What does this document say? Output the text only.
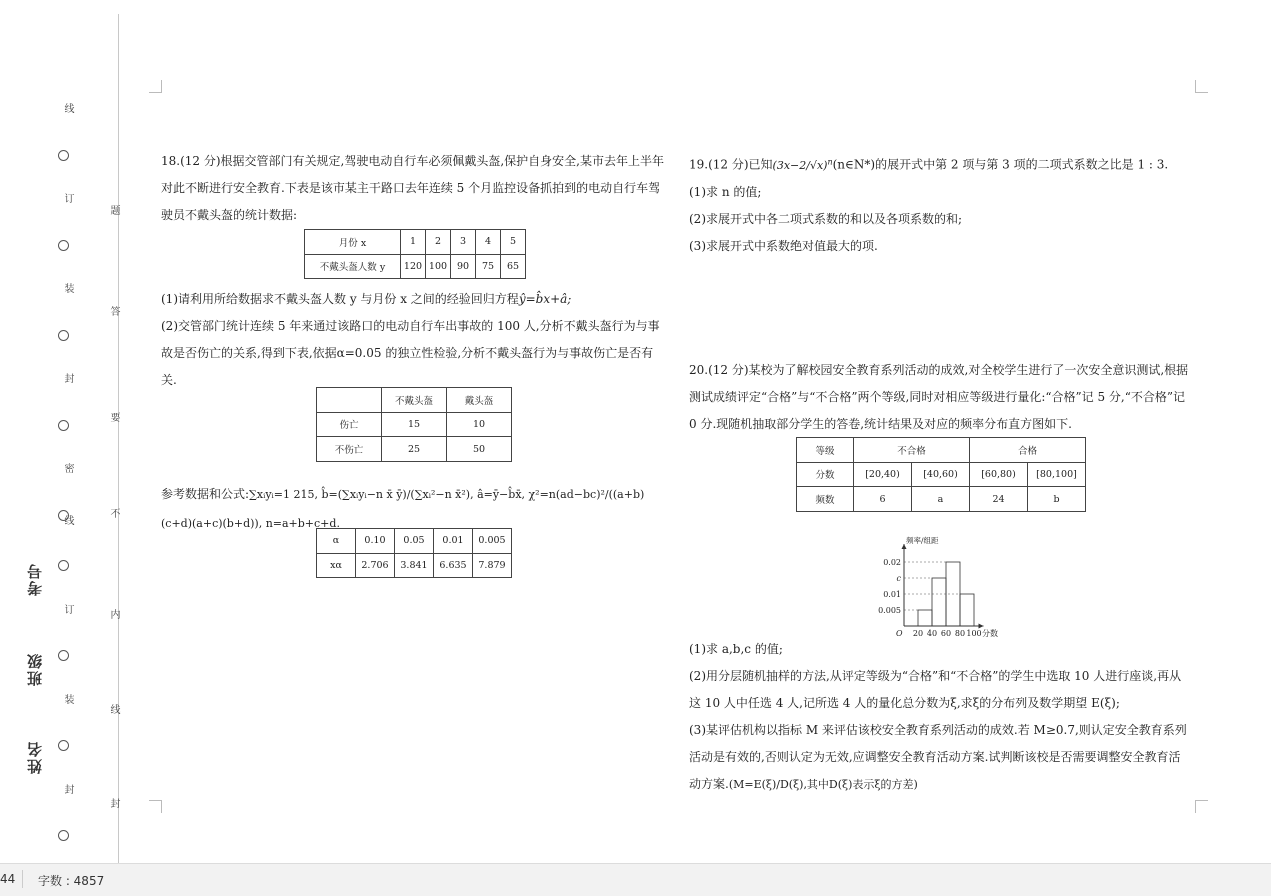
线
订
装
封
密
线
订
装
封
题
答
要
不
内
线
封
考号
班级
姓名

18.(12 分)根据交管部门有关规定,驾驶电动自行车必须佩戴头盔,保护自身安全,某市去年上半年对此不断进行安全教育.下表是该市某主干路口去年连续 5 个月监控设备抓拍到的电动自行车驾驶员不戴头盔的统计数据:

月份 x	1	2	3	4	5
不戴头盔人数 y	120	100	90	75	65

(1)请利用所给数据求不戴头盔人数 y 与月份 x 之间的经验回归方程ŷ=b̂x+â;

(2)交管部门统计连续 5 年来通过该路口的电动自行车出事故的 100 人,分析不戴头盔行为与事故是否伤亡的关系,得到下表,依据α=0.05 的独立性检验,分析不戴头盔行为与事故伤亡是否有关.

	不戴头盔	戴头盔
伤亡	15	10
不伤亡	25	50
参考数据和公式:∑xᵢyᵢ=1 215, b̂=(∑xᵢyᵢ−n x̄ ȳ)/(∑xᵢ²−n x̄²), â=ȳ−b̂x̄, χ²=n(ad−bc)²/((a+b)(c+d)(a+c)(b+d)), n=a+b+c+d.
α	0.10	0.05	0.01	0.005
xα	2.706	3.841	6.635	7.879

19.(12 分)已知$(3x-2/√x)^n(n\in N*)$的展开式中第 2 项与第 3 项的二项式系数之比是 1 : 3.

(1)求 n 的值;

(2)求展开式中各二项式系数的和以及各项系数的和;

(3)求展开式中系数绝对值最大的项.

20.(12 分)某校为了解校园安全教育系列活动的成效,对全校学生进行了一次安全意识测试,根据测试成绩评定“合格”与“不合格”两个等级,同时对相应等级进行量化:“合格”记 5 分,“不合格”记 0 分.现随机抽取部分学生的答卷,统计结果及对应的频率分布直方图如下.

等级	不合格		合格	
分数	[20,40)	[40,60)	[60,80)	[80,100]
频数	6	a	24	b
0.005
c
0.01
0.02
20 40 60 80 100
O	分数
频率/组距

(1)求 a,b,c 的值;

(2)用分层随机抽样的方法,从评定等级为“合格”和“不合格”的学生中选取 10 人进行座谈,再从这 10 人中任选 4 人,记所选 4 人的量化总分数为ξ,求ξ的分布列及数学期望 E(ξ);

(3)某评估机构以指标 M 来评估该校安全教育系列活动的成效.若 M≥0.7,则认定安全教育系列活动是有效的,否则认定为无效,应调整安全教育活动方案.试判断该校是否需要调整安全教育活动方案.(M=E(ξ)/D(ξ),其中D(ξ)表示ξ的方差)

44 字数 : 4857
